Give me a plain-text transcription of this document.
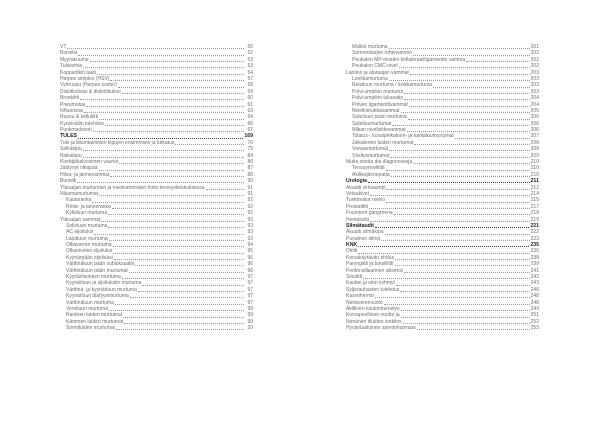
VT	50
Borrelia	52
Myyräkuume	53
Tularemia	53
Kopparitkin tauti	54
Herpes simplex (HSV)	57
Vyöruusu (Herpes zoster)	58
Diskitkulosis & diskriitkulosi	59
Bronkiitti	60
Pneumonia	61
Influenssa	63
Ruusu & selluliitti	64
Kynsivallin tulehdus	66
Punkmadosoti	67
TULES	169
Tuki-ja liikuntaelinten kipujen ensimmisöi ja tutkatus	70
Selkäkipu	79
Niskakipu	84
Kiertäjäkalvosimen vauriot	86
Jäätynyt olkapää	87
Hiiva- ja jännevammat	88
Bursiitti	90
Yläraajan murtumien ja nivelvammojen hoito terveyskeskuksessa	91
Nikamamurtumat	91
Kaularanka	92
Rinta- ja lanneranka	92
Kylkiluun murtuma	92
Yläraajan vammat	93
Solisluun murtuma	93
AC-sijoiluksi	93
Lapaluun murtuma	93
Olkavarren murtuma	94
Olkanivelen sijoiluksi	95
Kyynärpään sijoiluksi	96
Värttinäluun pään subluksaatio	96
Värttinäluun pään murtumat	96
Kyynärlisokken murtuma	97
Kyynärluun ja sijoiluksiin murtuma	97
Värttinä- ja kyynärluun murtuma	97
Kyynärluun diafyysimurtuma	97
Värttinäluun murtuma	97
Veneluun murtuma	99
Ranteen luiden murtumat	99
Kämmen luiden murtumat	99
Sormiluiden murtumat	20
Malleti murtuma	201
Sormenkärjen ruhjevammo	202
Peukalon MP-nivelen kollateraaliligamentin vamma	202
Peukalon CMC-nivel	202
Lantion ja alaraajan vammat	203
Lonkkamurtuma	203
Reisiluun murtuma / lonkkamurtuma	203
Polvi-umpilon murtuma	203
Polvi-umpilon luksaatio	204
Polven ligamenttivammat	204
Nivelkierukkavammat	205
Sääriluun pään murtuma	206
Sääriluumurtumat	206
Nilkan nivelsiidevammat	206
Tolatus-, kuosipeikaloon- ja kantaluumurtumat	207
Jalkaterien luiden murtumat	208
Varvasmurtumat	208
Väsitysmurtumat	209
Muita oireita dia diagnoosseja	210
Tenosynovitiitti	210
Akillesjännepatia	210
Urologia	211
Akuutti virtsaumpi	212
Virtsakivet	214
Tunkimatut nivelo	215
Prostatiitti	217
Fourniern gangreena	218
Hematuria	219
Silmätaudit	221
Akuutti silmäkipu	222
Punainen silmä	223
KNK	235
Otiitti	236
Korvakäytävän ehdus	238
Paryngiitti ja tonsilliitti	239
Peritonsillaarinen abseesi	241
Sinuiitti	242
Kaulan ja uion kyhmyt	243
Syljerauhasten tulehdus	246
Kasvohermo	248
Nenäverenvuoto	248
Äkillinen kuulonmenetys	249
Korvapeellinen nuotto ja	251
Nenänen tiluiden ionkilos	252
Hyvänlaatuinen asentohuimaus	253
